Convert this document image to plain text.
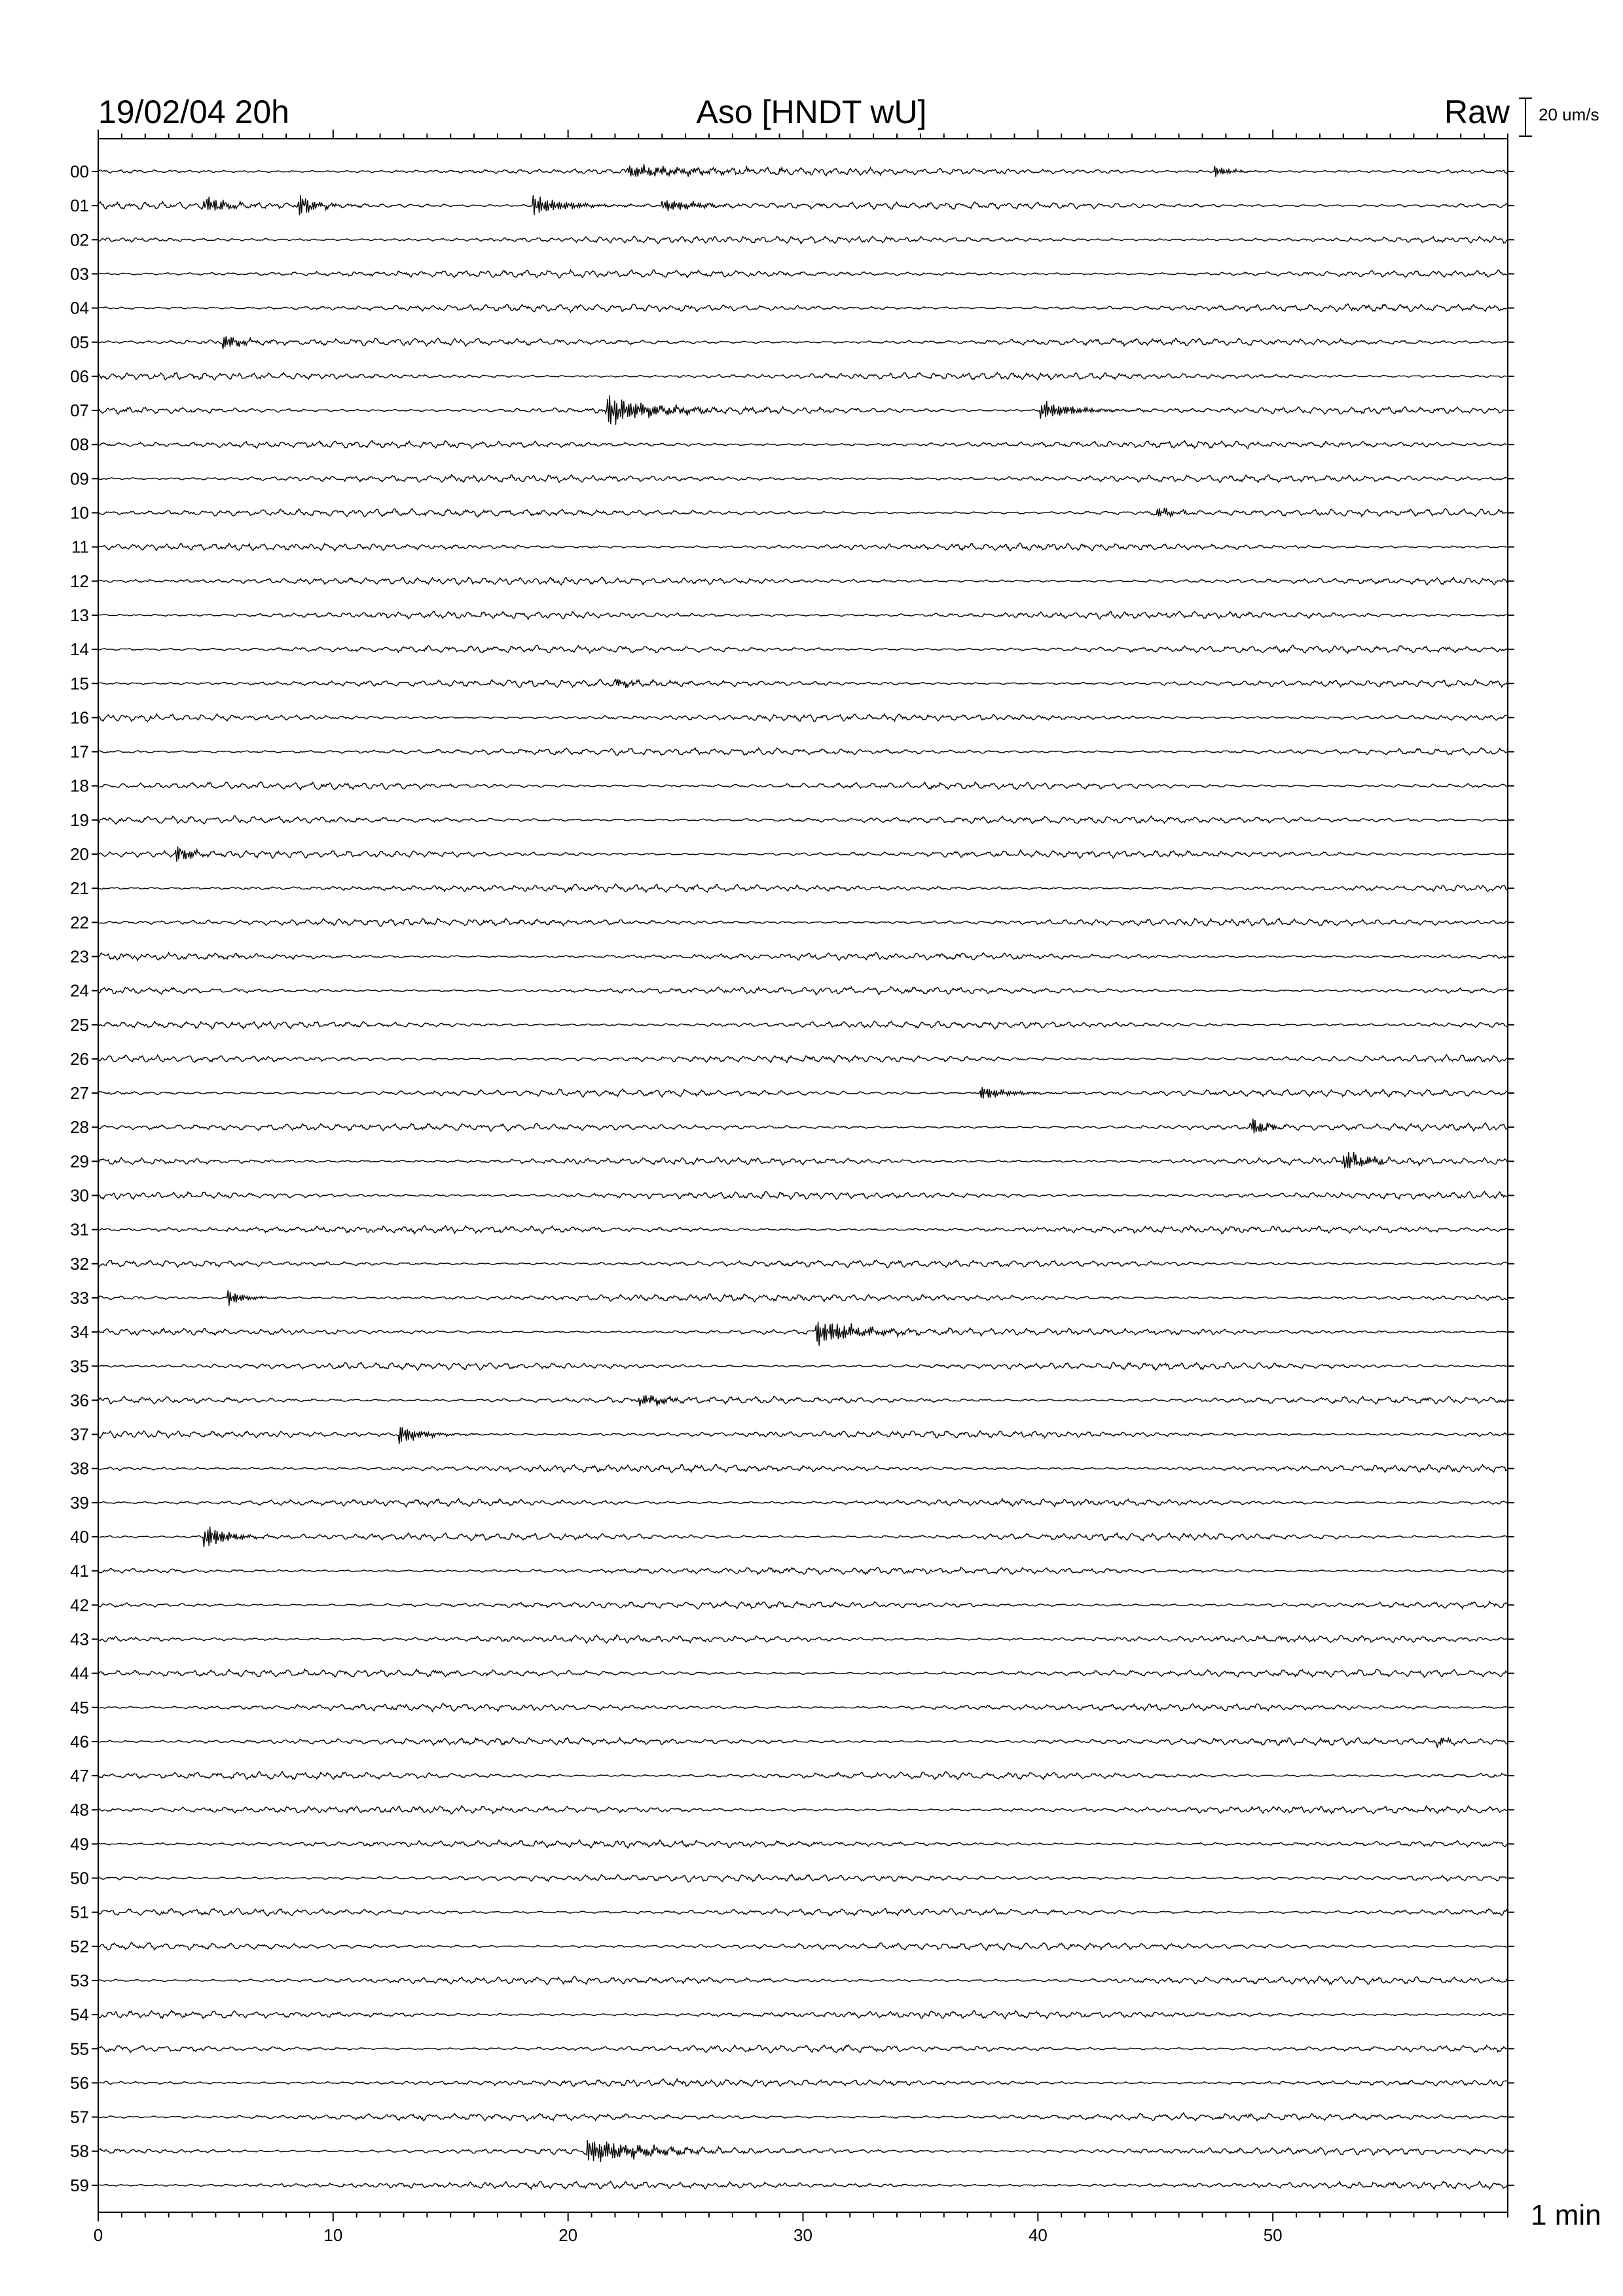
19/02/04 20h	Aso [HNDT wU]	Raw 20 um/s
1 min
00
01
02
03
04
05
06
07
08
09
10
11
12
13
14
15
16
17
18
19
20
21
22
23
24
25
26
27
28
29
30
31
32
33
34
35
36
37
38
39
40
41
42
43
44
45
46
47
48
49
50
51
52
53
54
55
56
57
58
59
0	10	20	30	40	50
